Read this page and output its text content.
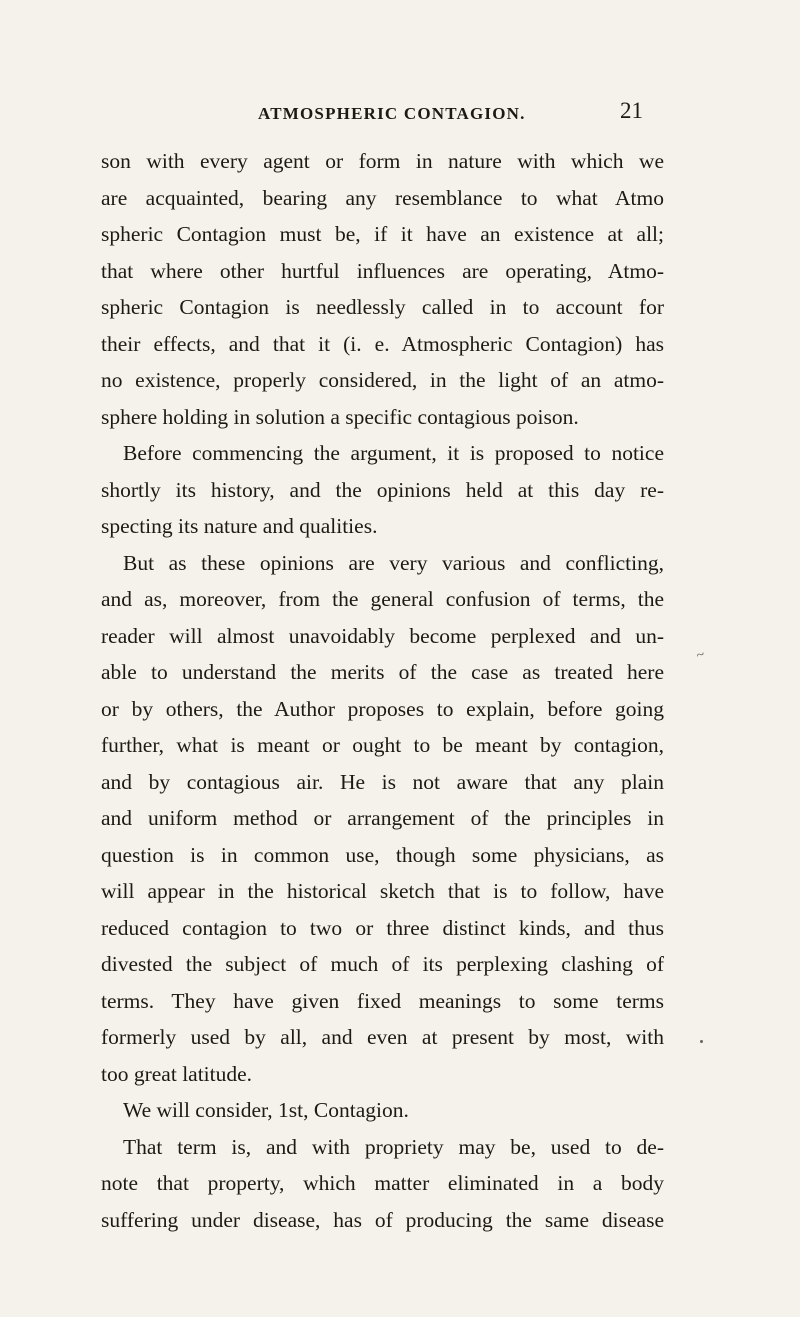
ATMOSPHERIC CONTAGION.	21
son with every agent or form in nature with which we
are acquainted, bearing any resemblance to what Atmo
spheric Contagion must be, if it have an existence at all;
that where other hurtful influences are operating, Atmo-
spheric Contagion is needlessly called in to account for
their effects, and that it (i. e. Atmospheric Contagion) has
no existence, properly considered, in the light of an atmo-
sphere holding in solution a specific contagious poison.
Before commencing the argument, it is proposed to notice
shortly its history, and the opinions held at this day re-
specting its nature and qualities.
But as these opinions are very various and conflicting,
and as, moreover, from the general confusion of terms, the
reader will almost unavoidably become perplexed and un-
able to understand the merits of the case as treated here
or by others, the Author proposes to explain, before going
further, what is meant or ought to be meant by contagion,
and by contagious air. He is not aware that any plain
and uniform method or arrangement of the principles in
question is in common use, though some physicians, as
will appear in the historical sketch that is to follow, have
reduced contagion to two or three distinct kinds, and thus
divested the subject of much of its perplexing clashing of
terms. They have given fixed meanings to some terms
formerly used by all, and even at present by most, with
too great latitude.
We will consider, 1st, Contagion.
That term is, and with propriety may be, used to de-
note that property, which matter eliminated in a body
suffering under disease, has of producing the same disease
~
